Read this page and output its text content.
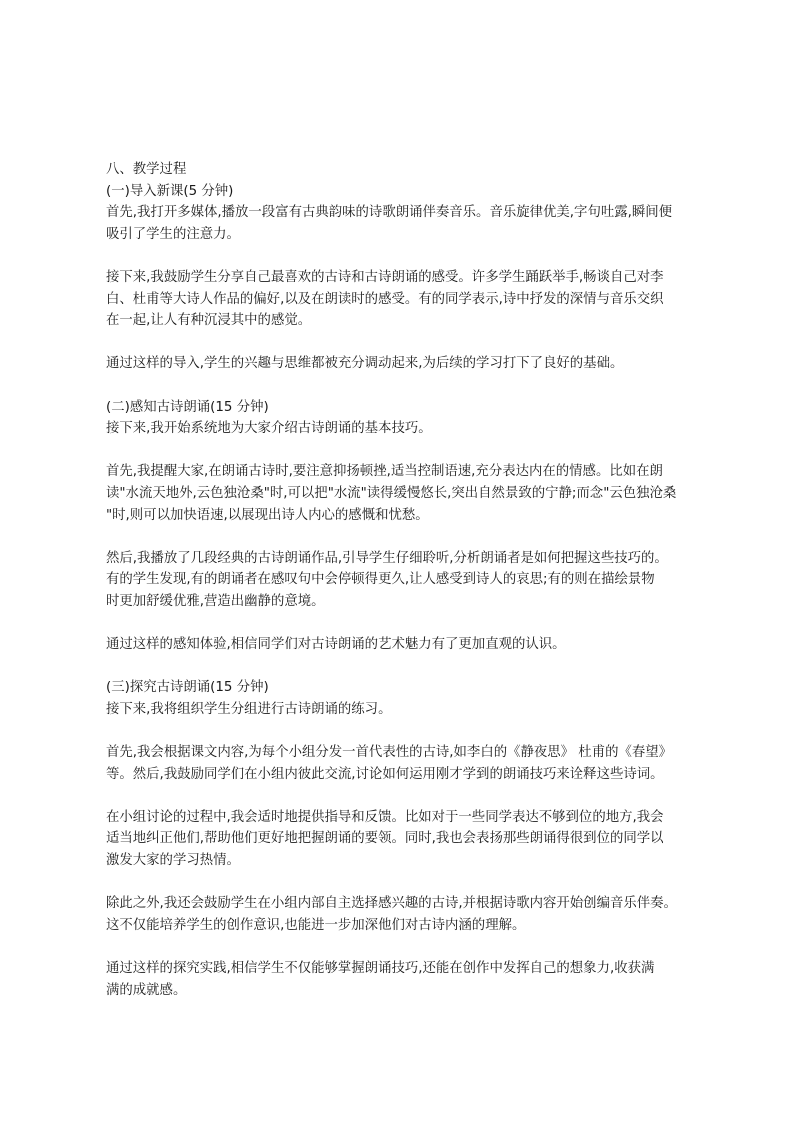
八、教学过程
(一)导入新课(5 分钟)
首先,我打开多媒体,播放一段富有古典韵味的诗歌朗诵伴奏音乐。音乐旋律优美,字句吐露,瞬间便
吸引了学生的注意力。
接下来,我鼓励学生分享自己最喜欢的古诗和古诗朗诵的感受。许多学生踊跃举手,畅谈自己对李
白、杜甫等大诗人作品的偏好,以及在朗读时的感受。有的同学表示,诗中抒发的深情与音乐交织
在一起,让人有种沉浸其中的感觉。
通过这样的导入,学生的兴趣与思维都被充分调动起来,为后续的学习打下了良好的基础。
(二)感知古诗朗诵(15 分钟)
接下来,我开始系统地为大家介绍古诗朗诵的基本技巧。
首先,我提醒大家,在朗诵古诗时,要注意抑扬顿挫,适当控制语速,充分表达内在的情感。比如在朗
读"水流天地外,云色独沧桑"时,可以把"水流"读得缓慢悠长,突出自然景致的宁静;而念"云色独沧桑
"时,则可以加快语速,以展现出诗人内心的感慨和忧愁。
然后,我播放了几段经典的古诗朗诵作品,引导学生仔细聆听,分析朗诵者是如何把握这些技巧的。
有的学生发现,有的朗诵者在感叹句中会停顿得更久,让人感受到诗人的哀思;有的则在描绘景物
时更加舒缓优雅,营造出幽静的意境。
通过这样的感知体验,相信同学们对古诗朗诵的艺术魅力有了更加直观的认识。
(三)探究古诗朗诵(15 分钟)
接下来,我将组织学生分组进行古诗朗诵的练习。
首先,我会根据课文内容,为每个小组分发一首代表性的古诗,如李白的《静夜思》 杜甫的《春望》
等。然后,我鼓励同学们在小组内彼此交流,讨论如何运用刚才学到的朗诵技巧来诠释这些诗词。
在小组讨论的过程中,我会适时地提供指导和反馈。比如对于一些同学表达不够到位的地方,我会
适当地纠正他们,帮助他们更好地把握朗诵的要领。同时,我也会表扬那些朗诵得很到位的同学以
激发大家的学习热情。
除此之外,我还会鼓励学生在小组内部自主选择感兴趣的古诗,并根据诗歌内容开始创编音乐伴奏。
这不仅能培养学生的创作意识,也能进一步加深他们对古诗内涵的理解。
通过这样的探究实践,相信学生不仅能够掌握朗诵技巧,还能在创作中发挥自己的想象力,收获满
满的成就感。
